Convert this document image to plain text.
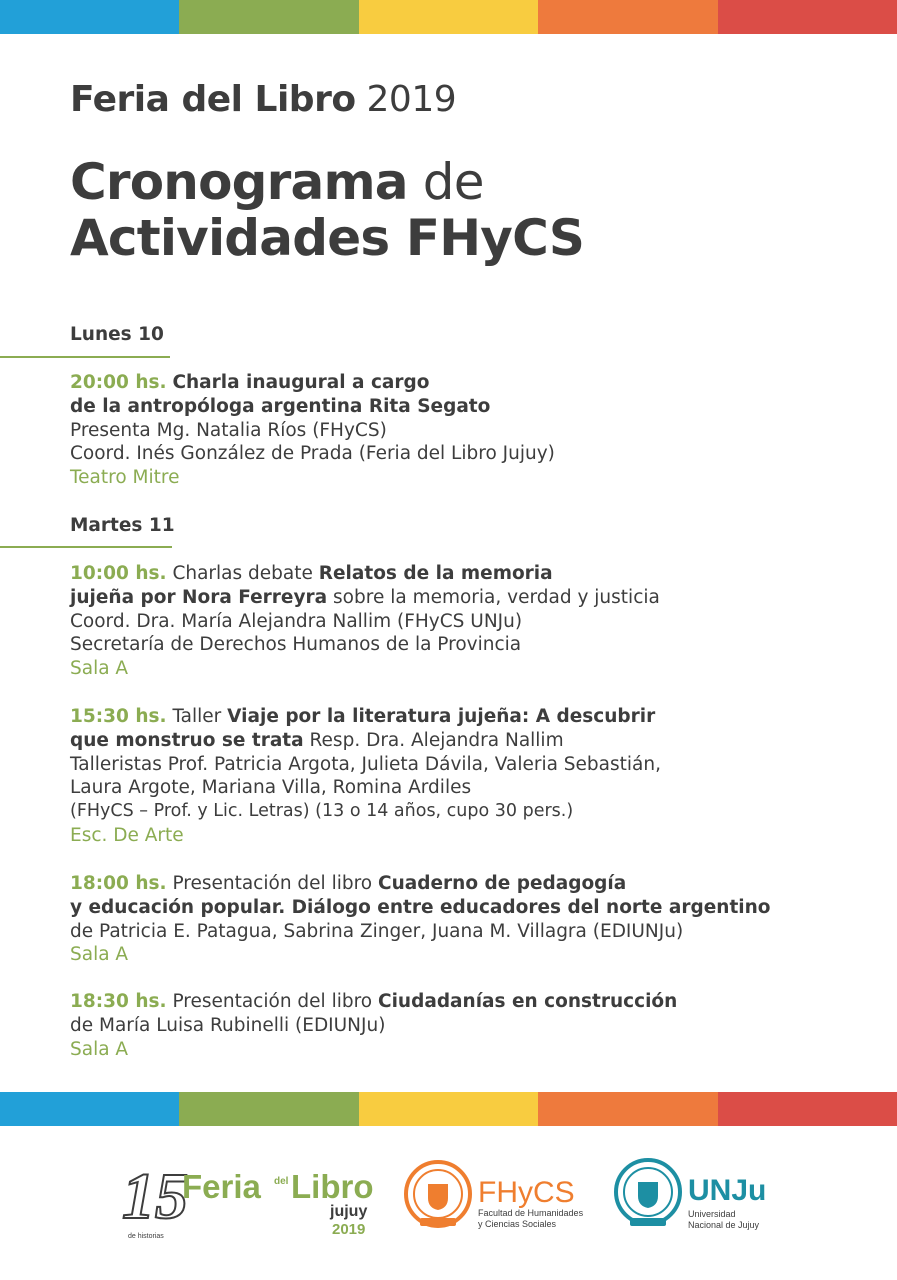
Feria del Libro 2019
Cronograma de
Actividades FHyCS
Lunes 10
20:00 hs. Charla inaugural a cargo
de la antropóloga argentina Rita Segato
Presenta Mg. Natalia Ríos (FHyCS)
Coord. Inés González de Prada (Feria del Libro Jujuy)
Teatro Mitre
Martes 11
10:00 hs. Charlas debate Relatos de la memoria
jujeña por Nora Ferreyra sobre la memoria, verdad y justicia
Coord. Dra. María Alejandra Nallim (FHyCS UNJu)
Secretaría de Derechos Humanos de la Provincia
Sala A
15:30 hs. Taller Viaje por la literatura jujeña: A descubrir
que monstruo se trata Resp. Dra. Alejandra Nallim
Talleristas Prof. Patricia Argota, Julieta Dávila, Valeria Sebastián,
Laura Argote, Mariana Villa, Romina Ardiles
(FHyCS – Prof. y Lic. Letras) (13 o 14 años, cupo 30 pers.)
Esc. De Arte
18:00 hs. Presentación del libro Cuaderno de pedagogía
y educación popular. Diálogo entre educadores del norte argentino
de Patricia E. Patagua, Sabrina Zinger, Juana M. Villagra (EDIUNJu)
Sala A
18:30 hs. Presentación del libro Ciudadanías en construcción
de María Luisa Rubinelli (EDIUNJu)
Sala A
15
de historias
Feria del Libro
jujuy
2019
FHyCS
Facultad de Humanidades
y Ciencias Sociales
UNJu
Universidad
Nacional de Jujuy
